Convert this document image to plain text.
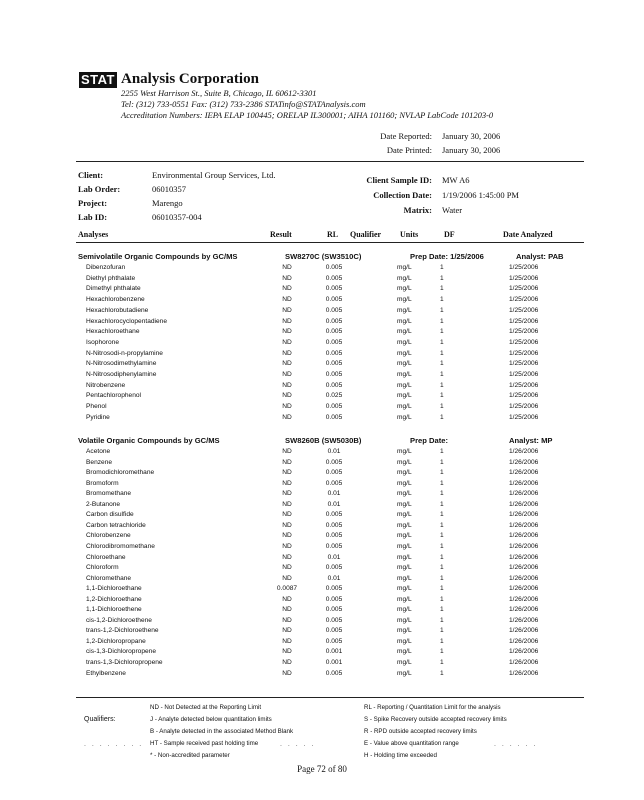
STAT Analysis Corporation
2255 West Harrison St., Suite B, Chicago, IL 60612-3301
Tel: (312) 733-0551 Fax: (312) 733-2386 STATinfo@STATAnalysis.com
Accreditation Numbers: IEPA ELAP 100445; ORELAP IL300001; AIHA 101160; NVLAP LabCode 101203-0
Date Reported: January 30, 2006
Date Printed: January 30, 2006
Client:	Environmental Group Services, Ltd.
Lab Order:	06010357
Project:	Marengo
Lab ID:	06010357-004
Client Sample ID: MW A6
Collection Date: 1/19/2006 1:45:00 PM
Matrix: Water
Analyses	Result	RL Qualifier Units	DF	Date Analyzed
Semivolatile Organic Compounds by GC/MS	SW8270C (SW3510C)	Prep Date: 1/25/2006	Analyst: PAB
Dibenzofuran	ND	0.005	mg/L	1	1/25/2006
Diethyl phthalate	ND	0.005	mg/L	1	1/25/2006
Dimethyl phthalate	ND	0.005	mg/L	1	1/25/2006
Hexachlorobenzene	ND	0.005	mg/L	1	1/25/2006
Hexachlorobutadiene	ND	0.005	mg/L	1	1/25/2006
Hexachlorocyclopentadiene	ND	0.005	mg/L	1	1/25/2006
Hexachloroethane	ND	0.005	mg/L	1	1/25/2006
Isophorone	ND	0.005	mg/L	1	1/25/2006
N-Nitrosodi-n-propylamine	ND	0.005	mg/L	1	1/25/2006
N-Nitrosodimethylamine	ND	0.005	mg/L	1	1/25/2006
N-Nitrosodiphenylamine	ND	0.005	mg/L	1	1/25/2006
Nitrobenzene	ND	0.005	mg/L	1	1/25/2006
Pentachlorophenol	ND	0.025	mg/L	1	1/25/2006
Phenol	ND	0.005	mg/L	1	1/25/2006
Pyridine	ND	0.005	mg/L	1	1/25/2006
Volatile Organic Compounds by GC/MS	SW8260B (SW5030B)	Prep Date:	Analyst: MP
Acetone	ND	0.01	mg/L	1	1/26/2006
Benzene	ND	0.005	mg/L	1	1/26/2006
Bromodichloromethane	ND	0.005	mg/L	1	1/26/2006
Bromoform	ND	0.005	mg/L	1	1/26/2006
Bromomethane	ND	0.01	mg/L	1	1/26/2006
2-Butanone	ND	0.01	mg/L	1	1/26/2006
Carbon disulfide	ND	0.005	mg/L	1	1/26/2006
Carbon tetrachloride	ND	0.005	mg/L	1	1/26/2006
Chlorobenzene	ND	0.005	mg/L	1	1/26/2006
Chlorodibromomethane	ND	0.005	mg/L	1	1/26/2006
Chloroethane	ND	0.01	mg/L	1	1/26/2006
Chloroform	ND	0.005	mg/L	1	1/26/2006
Chloromethane	ND	0.01	mg/L	1	1/26/2006
1,1-Dichloroethane	0.0087	0.005	mg/L	1	1/26/2006
1,2-Dichloroethane	ND	0.005	mg/L	1	1/26/2006
1,1-Dichloroethene	ND	0.005	mg/L	1	1/26/2006
cis-1,2-Dichloroethene	ND	0.005	mg/L	1	1/26/2006
trans-1,2-Dichloroethene	ND	0.005	mg/L	1	1/26/2006
1,2-Dichloropropane	ND	0.005	mg/L	1	1/26/2006
cis-1,3-Dichloropropene	ND	0.001	mg/L	1	1/26/2006
trans-1,3-Dichloropropene	ND	0.001	mg/L	1	1/26/2006
Ethylbenzene	ND	0.005	mg/L	1	1/26/2006
Qualifiers:
ND - Not Detected at the Reporting Limit
J - Analyte detected below quantitation limits
B - Analyte detected in the associated Method Blank
HT - Sample received past holding time
* - Non-accredited parameter
RL - Reporting / Quantitation Limit for the analysis
S - Spike Recovery outside accepted recovery limits
R - RPD outside accepted recovery limits
E - Value above quantitation range
H - Holding time exceeded
. . . . . . . .	. . . . .	. . . . . .
Page 72 of 80
